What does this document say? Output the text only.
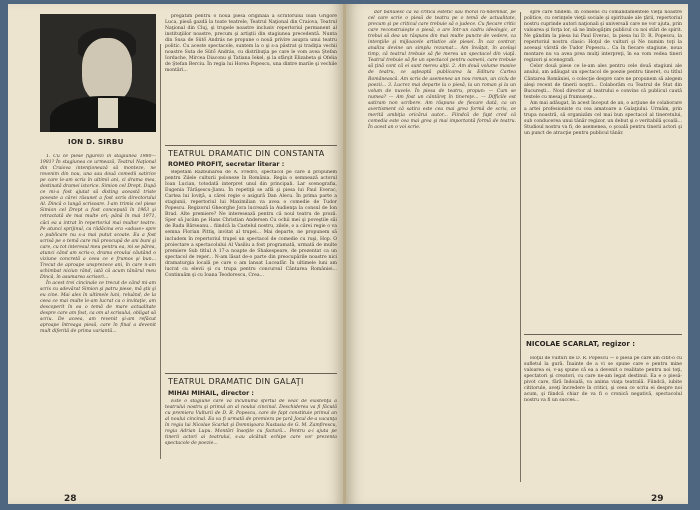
ION D. SIRBU

1. Cu ce piese figurezi în stagiunea 1980—1981? În stagiunea ce urmează, Teatrul Naţional din Craiova intenţionează să monteze, ne revenim din nou, una sau două comedii satirice pe care le-am scris în ultimii ani, ci drama mea, destinată dramei istorice. Simion cel Drept. După ce mi-a fost ajutat să disting această triste poveste a cărei răsunet a fost scris directorului Al. Dincă o lungă scrisoare. I-am trimis cel piese Simion cel Drept a fost concepută în 1963 şi retractată de mai multe ori; până în mai 1971, căci ea a intrat în repertoriul mai multor teatre. Pe atunci sprijinul, ca rădăcina era «aduse» spre o publicare nu s-a mai putut scoate. Ea a fost scrisă pe o temă care mă preocupă de ani buni şi care, cu tot interesul meu pentru ea, mi se părea, atunci când am scris-o, drama eroului căutând o viziune concretă a ceea ce e frumos şi bun... Trecut de aproape unsprezece ani, în care n-am schimbat niciun rând, iată că acum tânărul meu Dincă, în asumarea scrisori...

În acest trei cincinale ce trecut de când mi-am scris cu adevărat Simion şi patru piese, mă ştii şi eu cine. Mai ales în ultimele luni, reluând, de la ceea ce mai multe le-am lucrat ca o invitaţie, am descoperit în ea o temă de mare actualitate despre care am fost, ca om al scrisului, obligat să scriu. De aceea, am revenit şi-am refăcut aproape întreaga piesă, care în final a devenit mult diferită de prima variantă...

pregătim pentru o nouă piesă originală a scriitorului Ioan Grigore Luca, piesă gazdă la toate teatrele, Teatrul Naţional din Craiova, Teatrul Naţional din Cluj, şi trupele noastre inclusiv repertoriul permanent al instituţiilor noastre, precum şi artiştii din stagiunea precedentă. Nunta din Susa de Sütő András ne propune o nouă privire asupra unui teatru politic. Cu aceste spectacole, suntem la o şi s-a păstrat şi tradiţia vechii noastre Suta de Sütő András, cu distribuţia pe care le vom avea Ştefan Iordache, Mircea Diaconu şi Tatiana Iekel, şi la sfârşit Elizabeta şi Ofelia de Ştefan Berciu. În regia lui Horea Popescu, una dintre marile şi vechile montări...

TEATRUL DRAMATIC DIN CONSTANTA
ROMEO PROFIT, secretar literar :

Repetăm Răzbunarea de A. Fredro, spectacol pe care îl propunem pentru Zilele culturii poloneze în România. Regia o semnează actorul Ioan Lucian, totodată interpret unul din principali. Lar scenografia, Eugenia Tărăşescu-Jianu. În repetiţii se află şi piesa lui Paul Everac, Cartea lui Ioviţă, a cărei regie o asigură Dan Alecu. În prima parte a stagiunii, repertoriul lui Maximilian va avea o comedie de Tudor Popescu. Regizorul Gheorghe Jora lucrează la Audienţa la consul de Ion Brad. Alte premiere? Ne interesează pentru că noul teatru de proză. Sper să jucăm pe Hans Christian Andersen Cu ochii mei şi poveştile săi de Radu Bârseanu... fiindcă la Castelul nostru, zilele, o a cărei regie o va semna Florian Pittiş, invitat al trupei... Mai departe, ne propunem să includem în repertoriul trupei un spectacol de comedie cu ruşi, Hop. O proiectare a spectacolului Al Vasiliu a fost programată, urmată de multe premiere Sub titlul A 17-a noapte de Shakespeare, de prezentat ca un spectacol de reper... N-am lăsat de-o parte din preocupările noastre nici dramaturgia locală pe care o am lansat Luceafăr. În ultimele luni am lucrat cu elevii şi cu trupa pentru concursul Cântarea României... Continuăm şi cu Ioana Teodorescu, Crea...

TEATRUL DRAMATIC DIN GALAŢI
MIHAI MIHAIL, director :

Este o stagiune care va încunuma sfertul de veac de existenţă a teatrului nostru şi primul an al noului cincinal. Deschiderea va fi făcută cu premiera Vulturii de D. R. Popescu, care de fapt constituie primul an al noului cincinal. Ea va fi urmată de premiera pe ţară Jocul de-a vacanţa în regia lui Nicolae Scarlat şi Domnişoara Nastasia de G. M. Zamfirescu, regia Adrian Lupu. Montări însoţite cu factură... Pentru a-i ajuta pe tinerii actori ai teatrului, s-au alcătuit echipe care vor prezenta spectacole de poezie...

28

dar bănuiesc că va critica estetic sau moral ră-ndemnat, pe cel care scrie o piesă de teatru pe o temă de actualitate, precum şi pe criticul care trebuie să o judece. Cu fiecare critic care reconstruieşte o piesă, o are într-un cadru ideologic, ar trebui să dea un răspuns din mai multe puncte de vedere, ca intenţiile şi mijloacele artistice ale piesei. În caz contrar, analiza devine un simplu rezumat... Am învăţat, în acelaşi timp, că teatrul trebuie să fie mereu un spectacol din viaţă. Teatrul trebuie să fie un spectacol pentru oameni, care trebuie să ţină cont că ei sunt mereu alţii. 2. Am două volume masive de teatru, ce aşteaptă publicarea la Editura Cartea Românească. Am scris de asemenea un nou roman, un ciclu de poezii... 3. Lucrez mai departe la o piesă, la un roman şi la un volum de nuvele. În piesa de teatru, propun: — Cum se numea? — Am fost un cântăreţ în tinereţe... — Difficile est satiram non scribere. Am răspuns de fiecare dată, ca un avertisment că satira este cea mai grea formă de scris, ce merită ambiţia oricărui autor... Fiindcă de fapt cred că comedia este cea mai grea şi mai importantă formă de teatru. În acest an o voi scrie.

spre care tindem. În consens cu comandamentele vieţii noastre politice, cu cerinţele vieţii sociale şi spirituale ale ţării, repertoriul nostru cuprinde autori naţionali şi universali care ne vor ajuta, prin valoarea şi forţa lor, să ne îmbogăţim publicul cu noi stări de spirit. Ne gândim la piesa lui Paul Everac, la piesa lui D. R. Popescu, la repertoriul nostru clasic: Hoţul de vulturi şi Ne numim toţi la aceeaşi vârstă de Tudor Popescu... Ca în fiecare stagiune, noua montare nu va avea prea mulţi interpreţi, în ea vom vedea tineri regizori şi scenografi.

Celor două piese ce le-am ales pentru cele două stagiuni ale anului, am adăugat un spectacol de poezie pentru tineret, cu titlul Cântarea României, o colecţie despre care ne propunem să alegem aleşi recent de tinerii noştri... Colaborăm cu Teatrul de Stat din Bucureşti... Noul director al teatrului e convins că publicul caută textele cu mesaj şi frumuseţe...

Am mai adăugat, în acest început de an, o acţiune de colaborare a artei profesioniste cu cea amatoare a Galaţiului. Urmăm, prin trupa noastră, să organizăm cel mai bun spectacol al tineretului, sub conducerea unui tânăr regizor, un debut şi o veritabilă şcoală... Studioul nostru va fi, de asemenea, o şcoală pentru tinerii actori şi un punct de atracţie pentru publicul tânăr.

NICOLAE SCARLAT, regizor :

Hoţul de vulturi de D. R. Popescu — o piesă pe care am citit-o cu sufletul la gură. Înainte de a vi se spune care e pentru mine valoarea ei, v-aş spune că ea a devenit o realitate pentru noi toţi, spectatori şi creatori, cu care ne-am legat destinul. Ea e o piesă-pivot care, fără îndoială, va anima viaţa teatrală. Fiindcă, iubite cititorule, aveţi încredere în critici, şi ceea ce scriu ei despre noi acum, şi fiindcă chiar de va fi o cronică negativă, spectacolul nostru va fi un succes...

29
